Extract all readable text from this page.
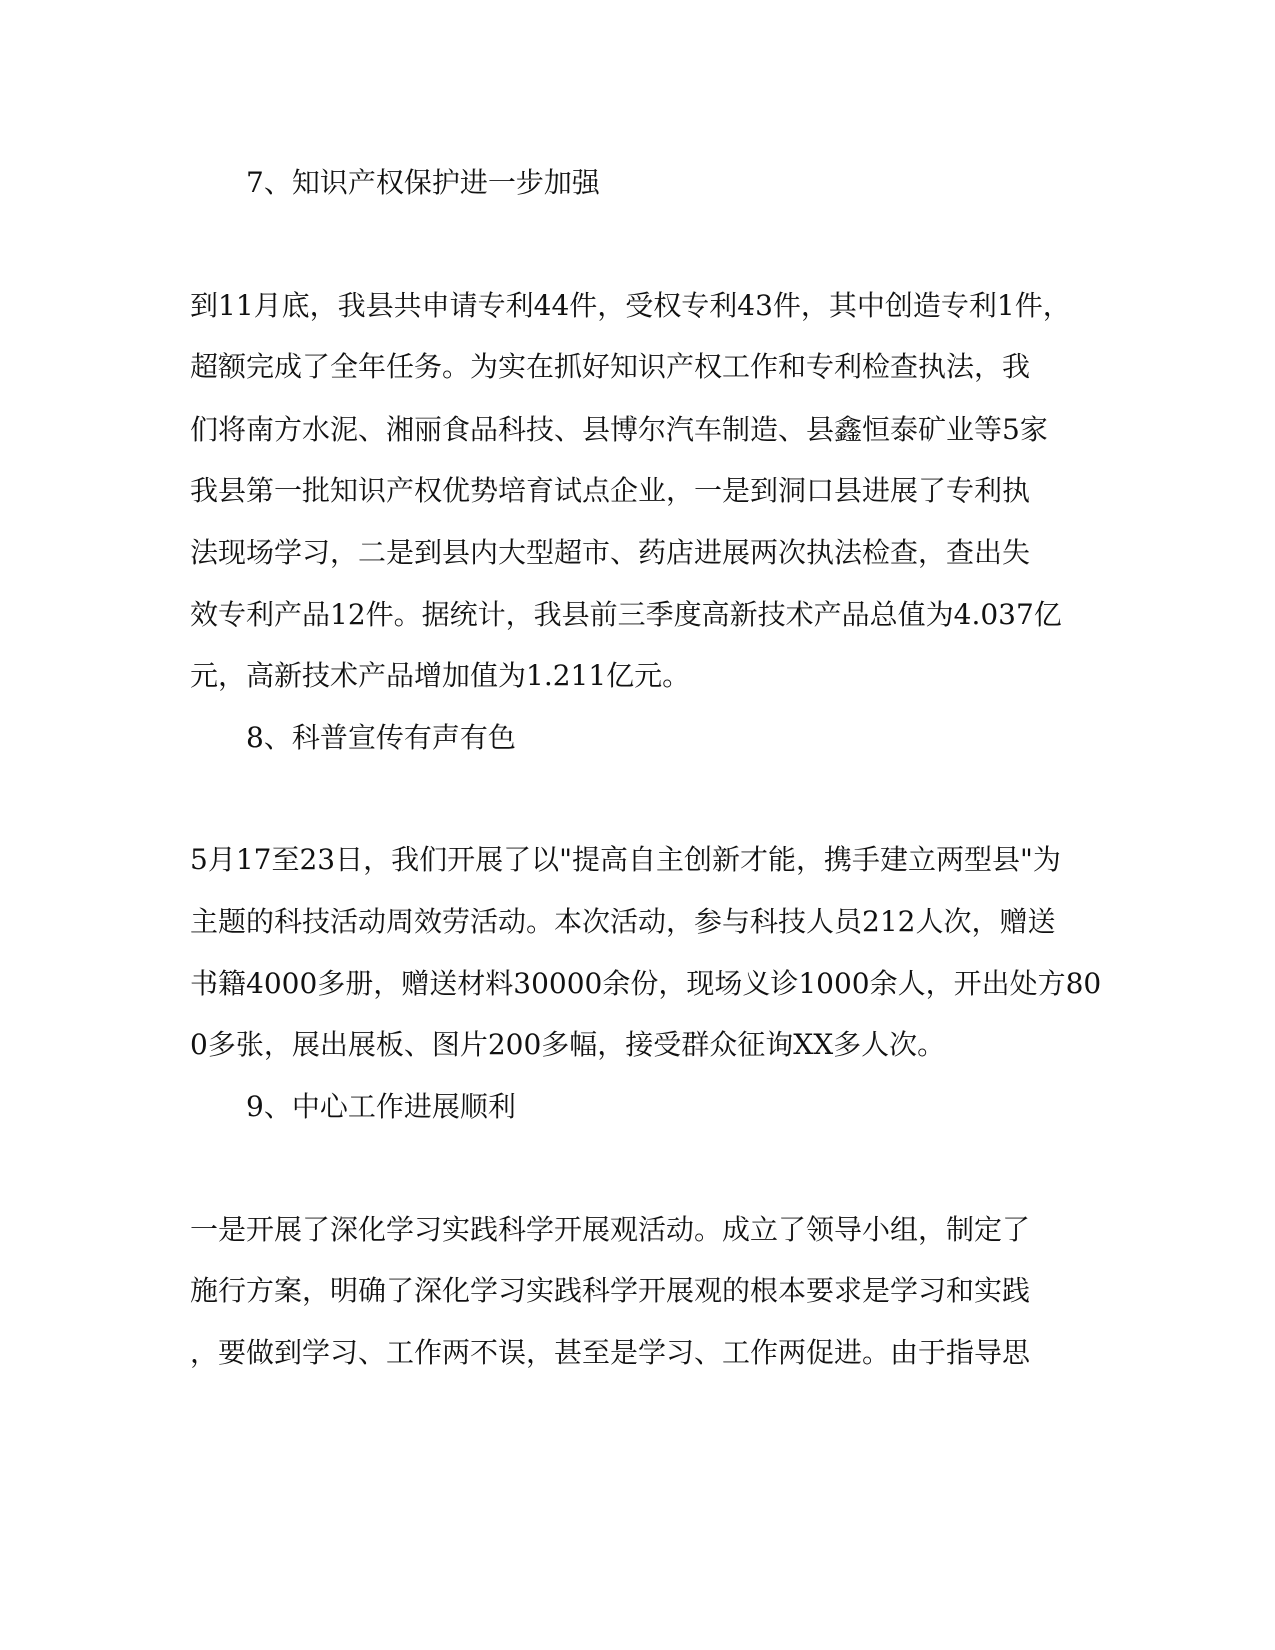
7、知识产权保护进一步加强
到11月底，我县共申请专利44件，受权专利43件，其中创造专利1件，
超额完成了全年任务。为实在抓好知识产权工作和专利检查执法，我
们将南方水泥、湘丽食品科技、县博尔汽车制造、县鑫恒泰矿业等5家
我县第一批知识产权优势培育试点企业，一是到洞口县进展了专利执
法现场学习，二是到县内大型超市、药店进展两次执法检查，查出失
效专利产品12件。据统计，我县前三季度高新技术产品总值为4.037亿
元，高新技术产品增加值为1.211亿元。
8、科普宣传有声有色
5月17至23日，我们开展了以"提高自主创新才能，携手建立两型县"为
主题的科技活动周效劳活动。本次活动，参与科技人员212人次，赠送
书籍4000多册，赠送材料30000余份，现场义诊1000余人，开出处方80
0多张，展出展板、图片200多幅，接受群众征询XX多人次。
9、中心工作进展顺利
一是开展了深化学习实践科学开展观活动。成立了领导小组，制定了
施行方案，明确了深化学习实践科学开展观的根本要求是学习和实践
，要做到学习、工作两不误，甚至是学习、工作两促进。由于指导思
